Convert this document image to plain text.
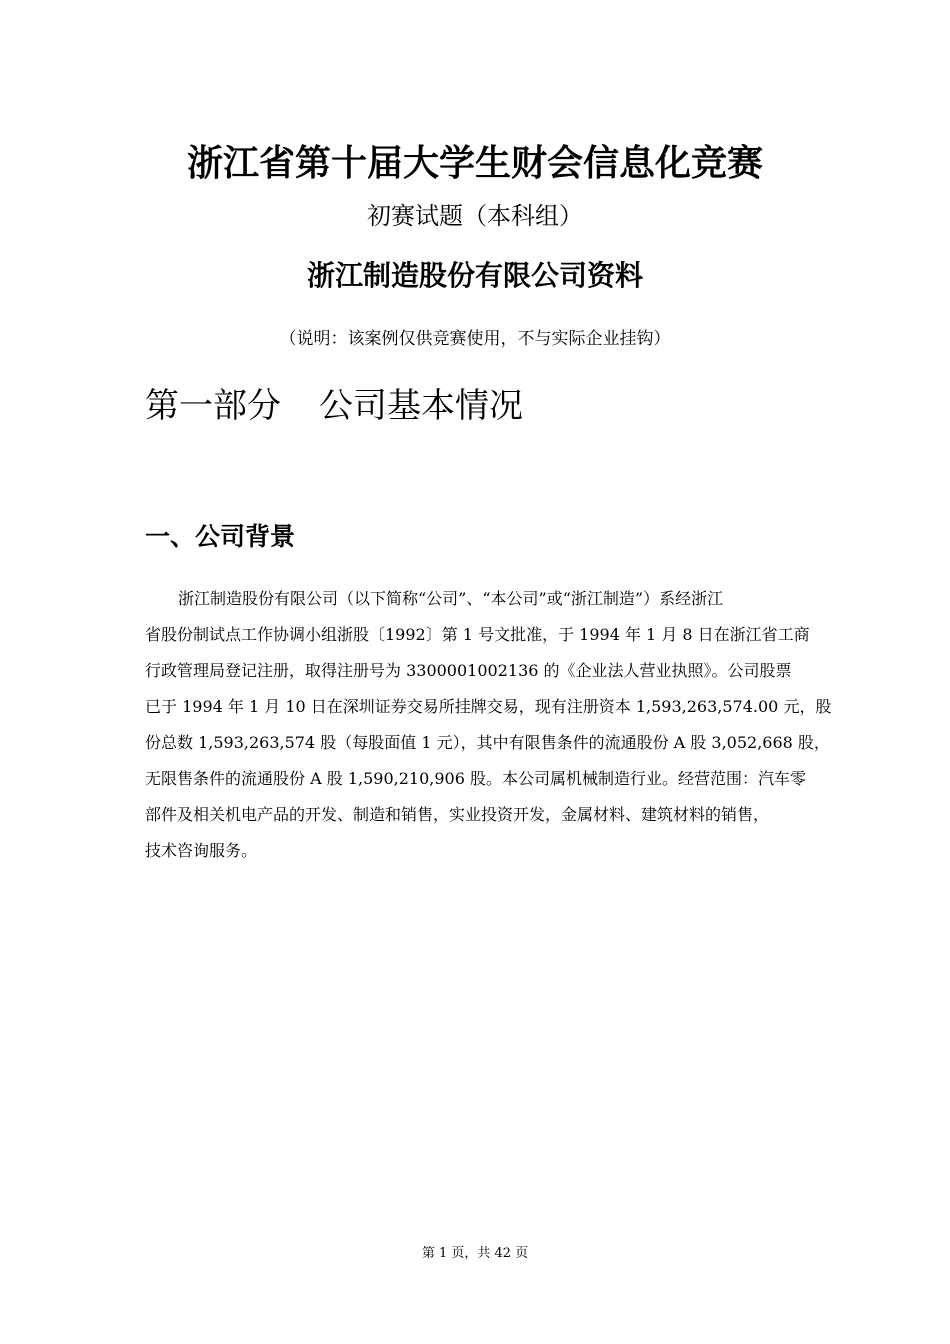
浙江省第十届大学生财会信息化竞赛
初赛试题（本科组）
浙江制造股份有限公司资料
（说明：该案例仅供竞赛使用，不与实际企业挂钩）
第一部分 公司基本情况
一、公司背景
浙江制造股份有限公司（以下简称“公司”、“本公司”或“浙江制造”）系经浙江
省股份制试点工作协调小组浙股〔1992〕第 1 号文批准，于 1994 年 1 月 8 日在浙江省工商
行政管理局登记注册，取得注册号为 3300001002136 的《企业法人营业执照》。公司股票
已于 1994 年 1 月 10 日在深圳证券交易所挂牌交易，现有注册资本 1,593,263,574.00 元，股
份总数 1,593,263,574 股（每股面值 1 元），其中有限售条件的流通股份 A 股 3,052,668 股，
无限售条件的流通股份 A 股 1,590,210,906 股。本公司属机械制造行业。经营范围：汽车零
部件及相关机电产品的开发、制造和销售，实业投资开发，金属材料、建筑材料的销售，
技术咨询服务。
第 1 页，共 42 页
